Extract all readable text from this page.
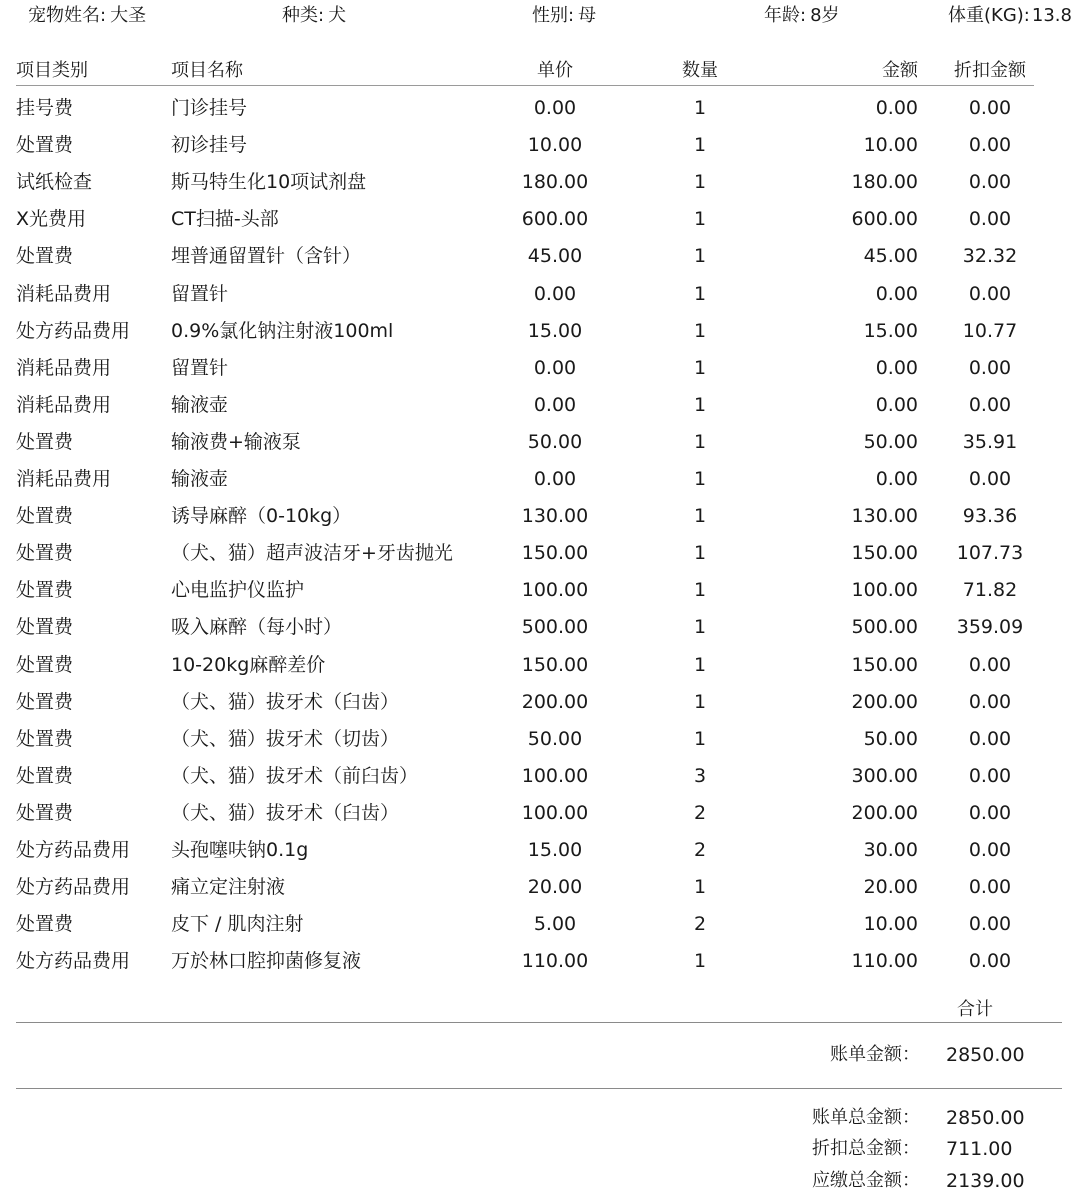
宠物姓名: 大圣	种类: 犬	性别: 母	年龄: 8岁	体重(KG): 13.8
项目类别	项目名称	单价	数量	金额	折扣金额
挂号费	门诊挂号	0.00	1	0.00	0.00
处置费	初诊挂号	10.00	1	10.00	0.00
试纸检查	斯马特生化10项试剂盘	180.00	1	180.00	0.00
X光费用	CT扫描-头部	600.00	1	600.00	0.00
处置费	埋普通留置针（含针）	45.00	1	45.00	32.32
消耗品费用	留置针	0.00	1	0.00	0.00
处方药品费用	0.9%氯化钠注射液100ml	15.00	1	15.00	10.77
消耗品费用	留置针	0.00	1	0.00	0.00
消耗品费用	输液壶	0.00	1	0.00	0.00
处置费	输液费+输液泵	50.00	1	50.00	35.91
消耗品费用	输液壶	0.00	1	0.00	0.00
处置费	诱导麻醉（0-10kg）	130.00	1	130.00	93.36
处置费	（犬、猫）超声波洁牙+牙齿抛光	150.00	1	150.00	107.73
处置费	心电监护仪监护	100.00	1	100.00	71.82
处置费	吸入麻醉（每小时）	500.00	1	500.00	359.09
处置费	10-20kg麻醉差价	150.00	1	150.00	0.00
处置费	（犬、猫）拔牙术（臼齿）	200.00	1	200.00	0.00
处置费	（犬、猫）拔牙术（切齿）	50.00	1	50.00	0.00
处置费	（犬、猫）拔牙术（前臼齿）	100.00	3	300.00	0.00
处置费	（犬、猫）拔牙术（臼齿）	100.00	2	200.00	0.00
处方药品费用	头孢噻呋钠0.1g	15.00	2	30.00	0.00
处方药品费用	痛立定注射液	20.00	1	20.00	0.00
处置费	皮下 / 肌肉注射	5.00	2	10.00	0.00
处方药品费用	万於林口腔抑菌修复液	110.00	1	110.00	0.00
合计
账单金额： 2850.00
账单总金额： 2850.00
折扣总金额： 711.00
应缴总金额： 2139.00
